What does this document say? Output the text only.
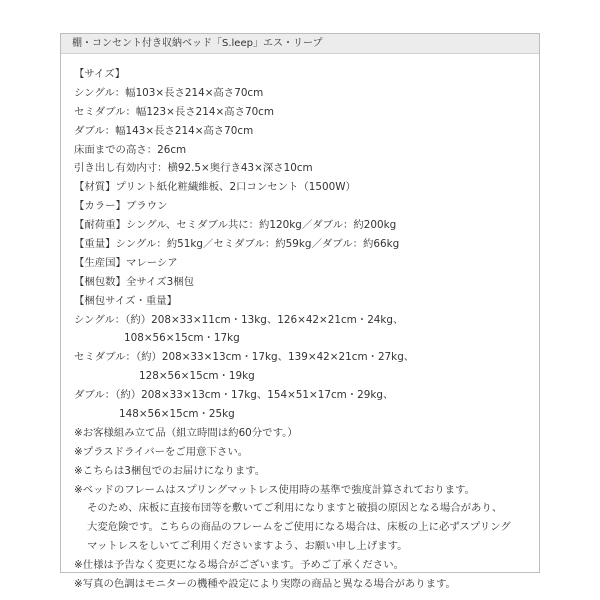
棚・コンセント付き収納ベッド「S.leep」エス・リープ
【サイズ】
シングル：幅103×長さ214×高さ70cm
セミダブル：幅123×長さ214×高さ70cm
ダブル：幅143×長さ214×高さ70cm
床面までの高さ：26cm
引き出し有効内寸：横92.5×奥行き43×深さ10cm
【材質】プリント紙化粧繊維板、2口コンセント（1500W）
【カラー】ブラウン
【耐荷重】シングル、セミダブル共に：約120kg／ダブル：約200kg
【重量】シングル：約51kg／セミダブル：約59kg／ダブル：約66kg
【生産国】マレーシア
【梱包数】全サイズ3梱包
【梱包サイズ・重量】
シングル：（約）208×33×11cm・13kg、126×42×21cm・24kg、
108×56×15cm・17kg
セミダブル：（約）208×33×13cm・17kg、139×42×21cm・27kg、
128×56×15cm・19kg
ダブル：（約）208×33×13cm・17kg、154×51×17cm・29kg、
148×56×15cm・25kg
※お客様組み立て品（組立時間は約60分です。）
※プラスドライバーをご用意下さい。
※こちらは3梱包でのお届けになります。
※ベッドのフレームはスプリングマットレス使用時の基準で強度計算されております。
そのため、床板に直接布団等を敷いてご利用になりますと破損の原因となる場合があり、
大変危険です。こちらの商品のフレームをご使用になる場合は、床板の上に必ずスプリング
マットレスをしいてご利用くださいますよう、お願い申し上げます。
※仕様は予告なく変更になる場合がございます。予めご了承ください。
※写真の色調はモニターの機種や設定により実際の商品と異なる場合があります。
